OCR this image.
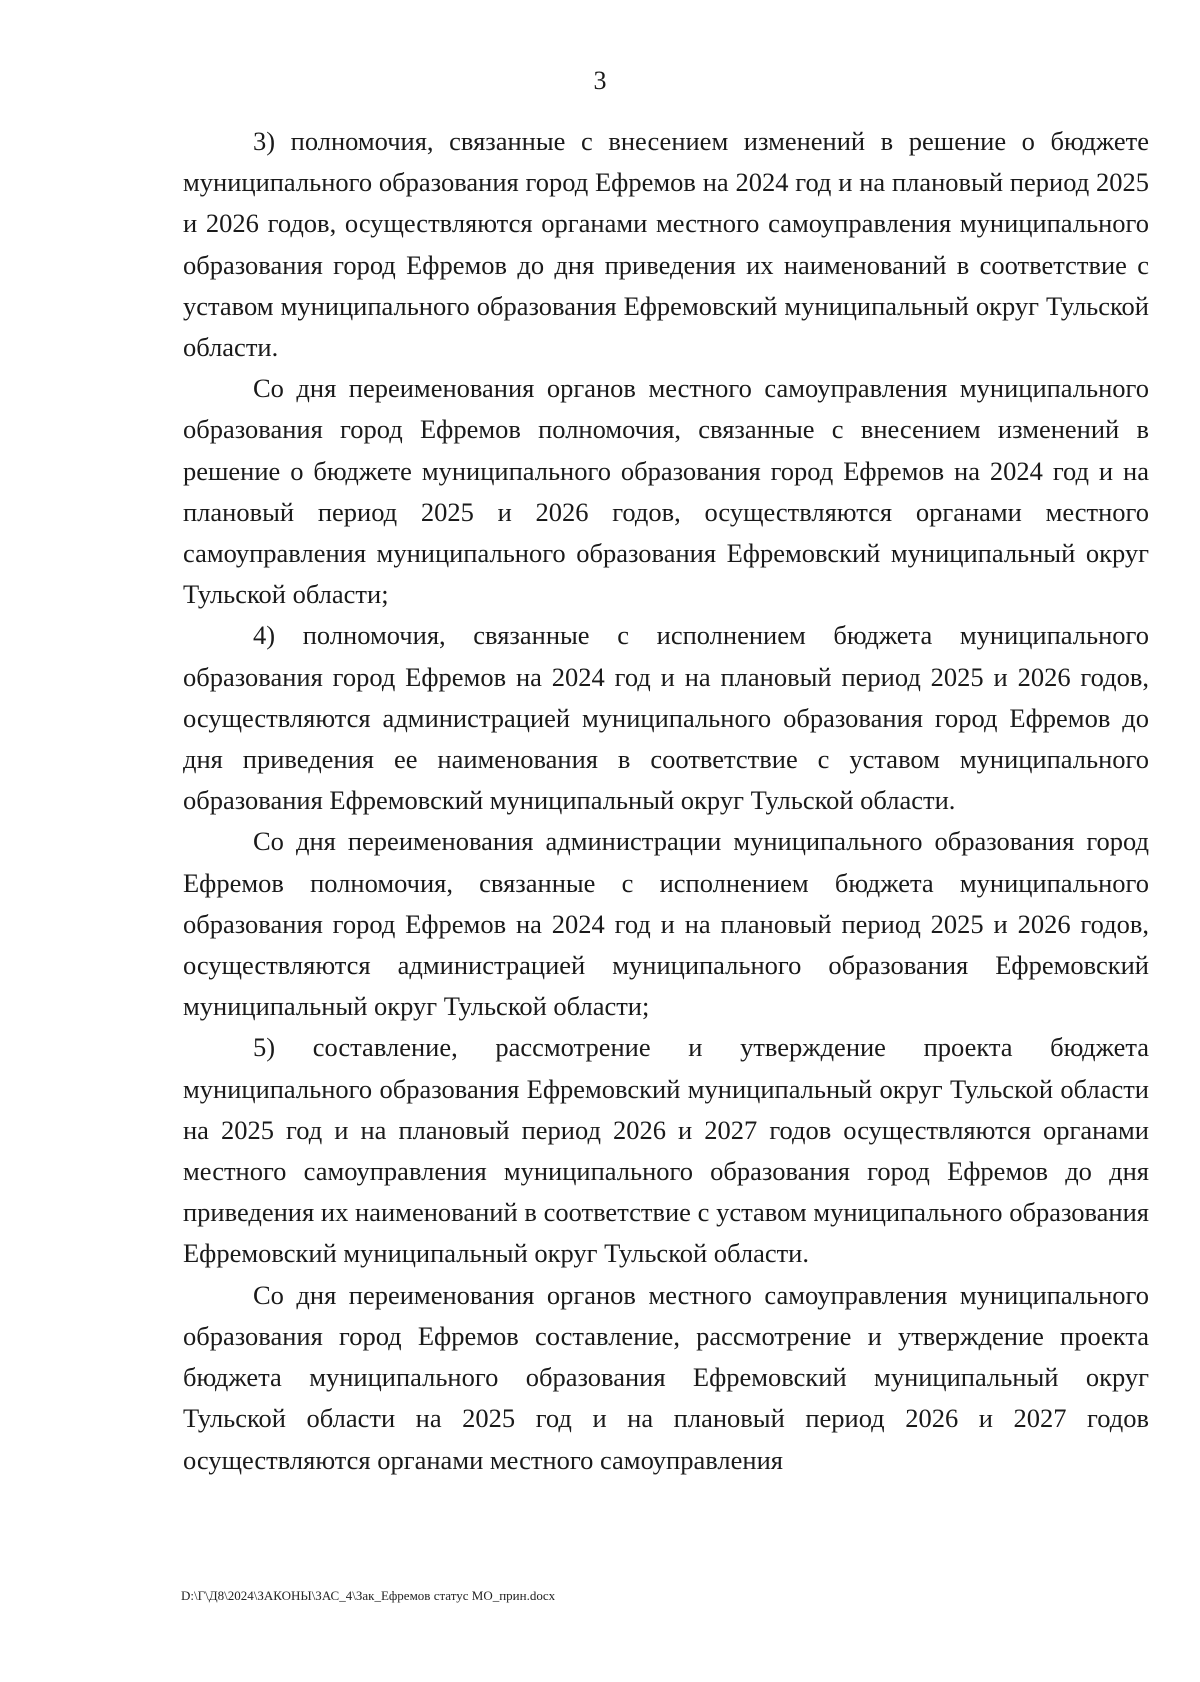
3

3) полномочия, связанные с внесением изменений в решение о бюджете муниципального образования город Ефремов на 2024 год и на плановый период 2025 и 2026 годов, осуществляются органами местного самоуправления муниципального образования город Ефремов до дня приведения их наименований в соответствие с уставом муниципального образования Ефремовский муниципальный округ Тульской области.

Со дня переименования органов местного самоуправления муниципального образования город Ефремов полномочия, связанные с внесением изменений в решение о бюджете муниципального образования город Ефремов на 2024 год и на плановый период 2025 и 2026 годов, осуществляются органами местного самоуправления муниципального образования Ефремовский муниципальный округ Тульской области;

4) полномочия, связанные с исполнением бюджета муниципального образования город Ефремов на 2024 год и на плановый период 2025 и 2026 годов, осуществляются администрацией муниципального образования город Ефремов до дня приведения ее наименования в соответствие с уставом муниципального образования Ефремовский муниципальный округ Тульской области.

Со дня переименования администрации муниципального образования город Ефремов полномочия, связанные с исполнением бюджета муниципального образования город Ефремов на 2024 год и на плановый период 2025 и 2026 годов, осуществляются администрацией муниципального образования Ефремовский муниципальный округ Тульской области;

5) составление, рассмотрение и утверждение проекта бюджета муниципального образования Ефремовский муниципальный округ Тульской области на 2025 год и на плановый период 2026 и 2027 годов осуществляются органами местного самоуправления муниципального образования город Ефремов до дня приведения их наименований в соответствие с уставом муниципального образования Ефремовский муниципальный округ Тульской области.

Со дня переименования органов местного самоуправления муниципального образования город Ефремов составление, рассмотрение и утверждение проекта бюджета муниципального образования Ефремовский муниципальный округ Тульской области на 2025 год и на плановый период 2026 и 2027 годов осуществляются органами местного самоуправления

D:\Г\Д8\2024\ЗАКОНЫ\ЗАС_4\Зак_Ефремов статус МО_прин.docx
